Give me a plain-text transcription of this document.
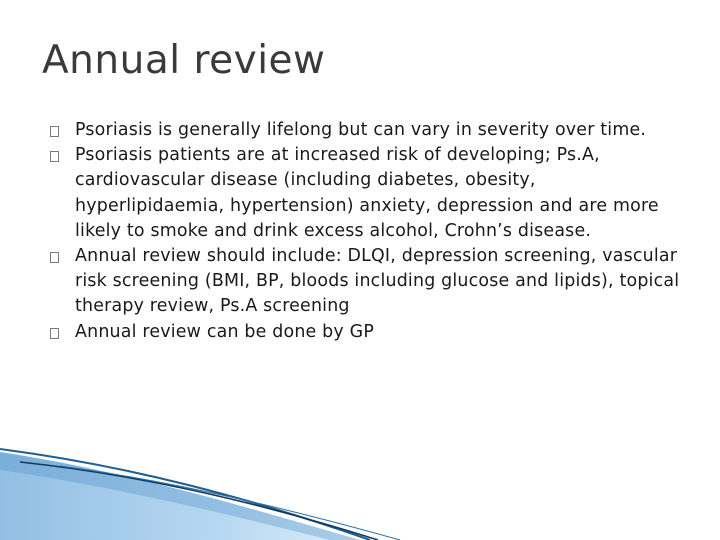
Annual review
Psoriasis is generally lifelong but can vary in severity over time.
Psoriasis patients are at increased risk of developing; Ps.A, cardiovascular disease (including diabetes, obesity, hyperlipidaemia, hypertension) anxiety, depression and are more likely to smoke and drink excess alcohol, Crohn’s disease.
Annual review should include: DLQI, depression screening, vascular risk screening (BMI, BP, bloods including glucose and lipids), topical therapy review, Ps.A screening
Annual review can be done by GP
